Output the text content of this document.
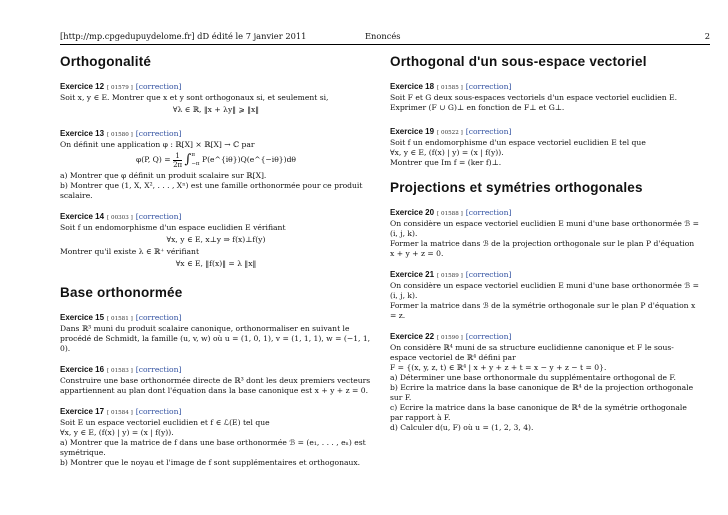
[http://mp.cpgedupuydelome.fr] dD édité le 7 janvier 2011	Enoncés	2
Orthogonalité
Exercice 12 [ 01579 ] [correction]
Soit x, y ∈ E. Montrer que x et y sont orthogonaux si, et seulement si,
∀λ ∈ ℝ, ‖x + λy‖ ⩾ ‖x‖
Exercice 13 [ 01580 ] [correction]
On définit une application φ : ℝ[X] × ℝ[X] → ℂ par
φ(P, $Q) = \frac{1}{2\pi}$ ∫ π
−π P(e^{iθ})Q(e^{−iθ})dθ
a) Montrer que φ définit un produit scalaire sur ℝ[X].
b) Montrer que (1, X, X², . . . , Xⁿ) est une famille orthonormée pour ce produit scalaire.
Exercice 14 [ 00303 ] [correction]
Soit f un endomorphisme d'un espace euclidien E vérifiant
∀x, y ∈ E, x⊥y ⇒ f(x)⊥f(y)
Montrer qu'il existe λ ∈ ℝ⁺ vérifiant
∀x ∈ E, ‖f(x)‖ = λ ‖x‖
Base orthonormée
Exercice 15 [ 01581 ] [correction]
Dans ℝ³ muni du produit scalaire canonique, orthonormaliser en suivant le procédé de Schmidt, la famille (u, v, w) où u = (1, 0, 1), v = (1, 1, 1), w = (−1, 1, 0).
Exercice 16 [ 01583 ] [correction]
Construire une base orthonormée directe de ℝ³ dont les deux premiers vecteurs appartiennent au plan dont l'équation dans la base canonique est x + y + z = 0.
Exercice 17 [ 01584 ] [correction]
Soit E un espace vectoriel euclidien et f ∈ ℒ(E) tel que
∀x, y ∈ E, (f(x) | y) = (x | f(y)).
a) Montrer que la matrice de f dans une base orthonormée ℬ = (e₁, . . . , eₙ) est symétrique.
b) Montrer que le noyau et l'image de f sont supplémentaires et orthogonaux.
Orthogonal d'un sous-espace vectoriel
Exercice 18 [ 01585 ] [correction]
Soit F et G deux sous-espaces vectoriels d'un espace vectoriel euclidien E.
Exprimer (F ∪ G)⊥ en fonction de F⊥ et G⊥.
Exercice 19 [ 00522 ] [correction]
Soit f un endomorphisme d'un espace vectoriel euclidien E tel que
∀x, y ∈ E, (f(x) | y) = (x | f(y)).
Montrer que Im f = (ker f)⊥.
Projections et symétries orthogonales
Exercice 20 [ 01588 ] [correction]
On considère un espace vectoriel euclidien E muni d'une base orthonormée ℬ = (i, j, k).
Former la matrice dans ℬ de la projection orthogonale sur le plan P d'équation x + y + z = 0.
Exercice 21 [ 01589 ] [correction]
On considère un espace vectoriel euclidien E muni d'une base orthonormée ℬ = (i, j, k).
Former la matrice dans ℬ de la symétrie orthogonale sur le plan P d'équation x = z.
Exercice 22 [ 01590 ] [correction]
On considère ℝ⁴ muni de sa structure euclidienne canonique et F le sous-espace vectoriel de ℝ⁴ défini par
F = {(x, y, z, t) ∈ ℝ⁴ | x + y + z + t = x − y + z − t = 0}.
a) Déterminer une base orthonormale du supplémentaire orthogonal de F.
b) Ecrire la matrice dans la base canonique de ℝ⁴ de la projection orthogonale sur F.
c) Ecrire la matrice dans la base canonique de ℝ⁴ de la symétrie orthogonale par rapport à F.
d) Calculer d(u, F) où u = (1, 2, 3, 4).
